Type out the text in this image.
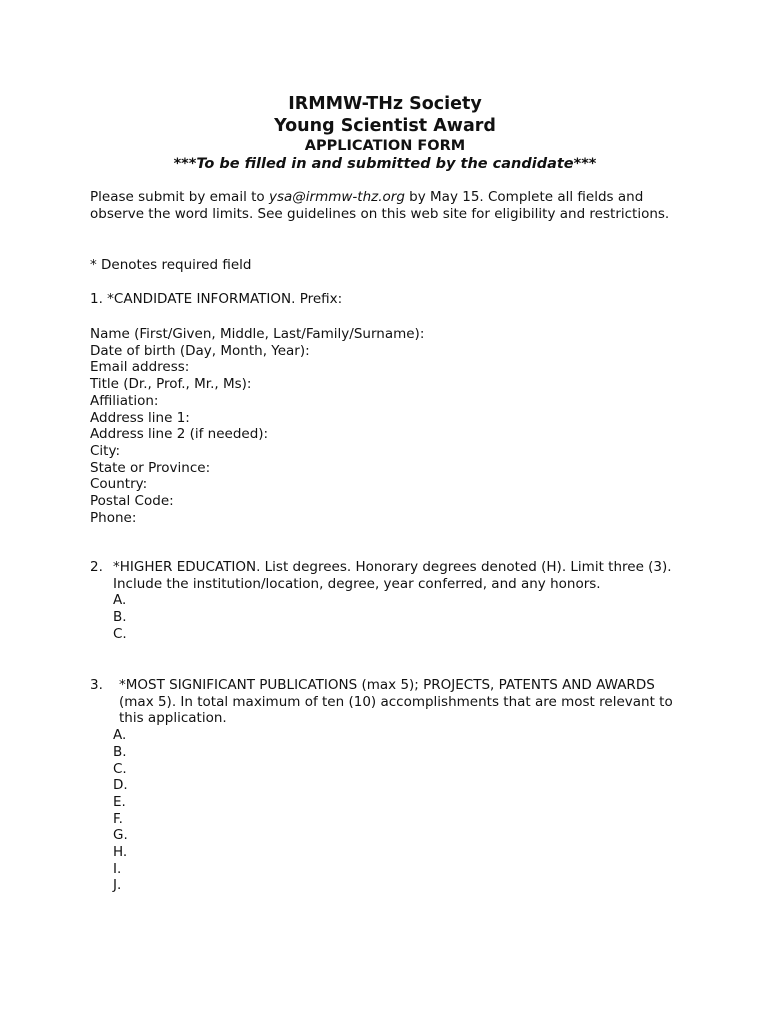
IRMMW-THz Society
Young Scientist Award
APPLICATION FORM
***To be filled in and submitted by the candidate***
Please submit by email to ysa@irmmw-thz.org by May 15. Complete all fields and observe the word limits. See guidelines on this web site for eligibility and restrictions.
* Denotes required field
1. *CANDIDATE INFORMATION. Prefix:
Name (First/Given, Middle, Last/Family/Surname):
Date of birth (Day, Month, Year):
Email address:
Title (Dr., Prof., Mr., Ms):
Affiliation:
Address line 1:
Address line 2 (if needed):
City:
State or Province:
Country:
Postal Code:
Phone:
2. *HIGHER EDUCATION. List degrees. Honorary degrees denoted (H). Limit three (3). Include the institution/location, degree, year conferred, and any honors.
A.
B.
C.
3. *MOST SIGNIFICANT PUBLICATIONS (max 5); PROJECTS, PATENTS AND AWARDS (max 5). In total maximum of ten (10) accomplishments that are most relevant to this application.
A.
B.
C.
D.
E.
F.
G.
H.
I.
J.
